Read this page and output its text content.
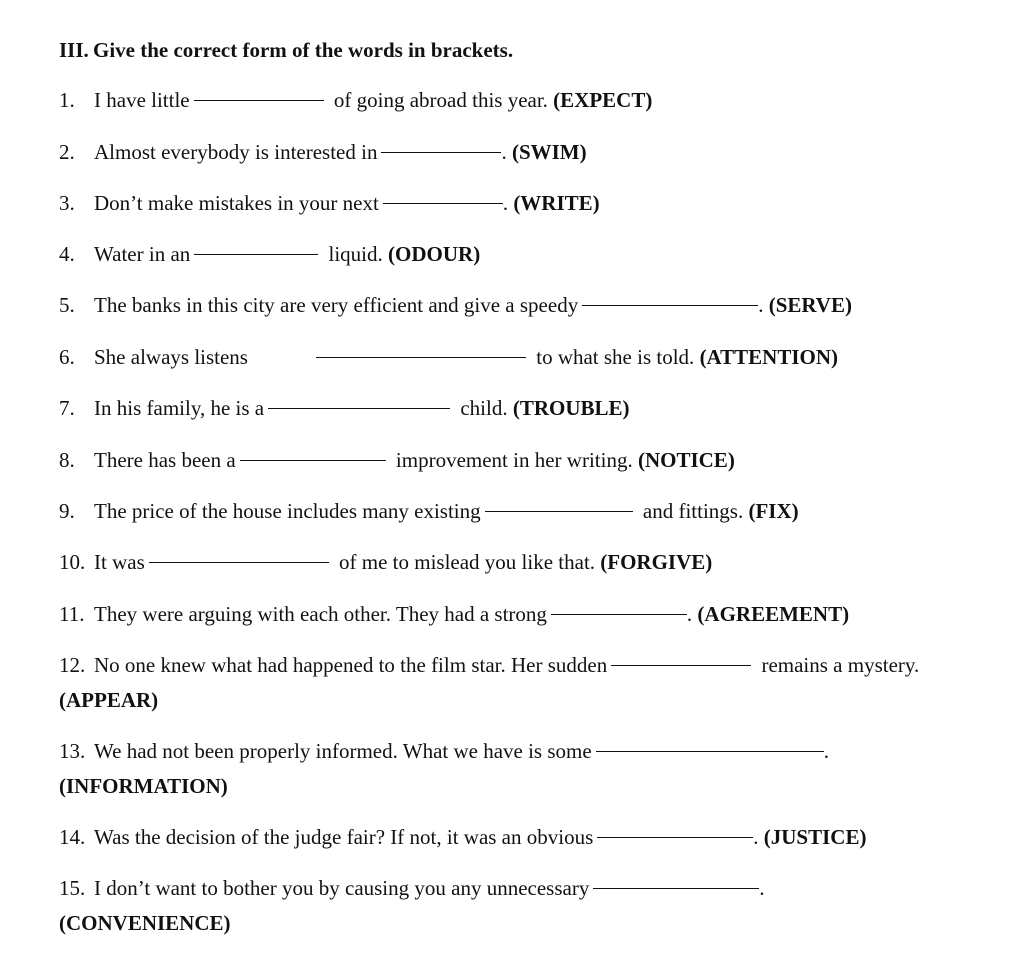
III. Give the correct form of the words in brackets.
1. I have little	of going abroad this year. (EXPECT)
2. Almost everybody is interested in	. (SWIM)
3. Don’t make mistakes in your next	. (WRITE)
4. Water in an	liquid. (ODOUR)
5. The banks in this city are very efficient and give a speedy	. (SERVE)
6. She always listens	to what she is told. (ATTENTION)
7. In his family, he is a	child. (TROUBLE)
8. There has been a	improvement in her writing. (NOTICE)
9. The price of the house includes many existing	and fittings. (FIX)
10. It was	of me to mislead you like that. (FORGIVE)
11. They were arguing with each other. They had a strong	. (AGREEMENT)
12. No one knew what had happened to the film star. Her sudden	remains a mystery. (APPEAR)
13. We had not been properly informed. What we have is some	. (INFORMATION)
14. Was the decision of the judge fair? If not, it was an obvious	. (JUSTICE)
15. I don’t want to bother you by causing you any unnecessary	. (CONVENIENCE)
